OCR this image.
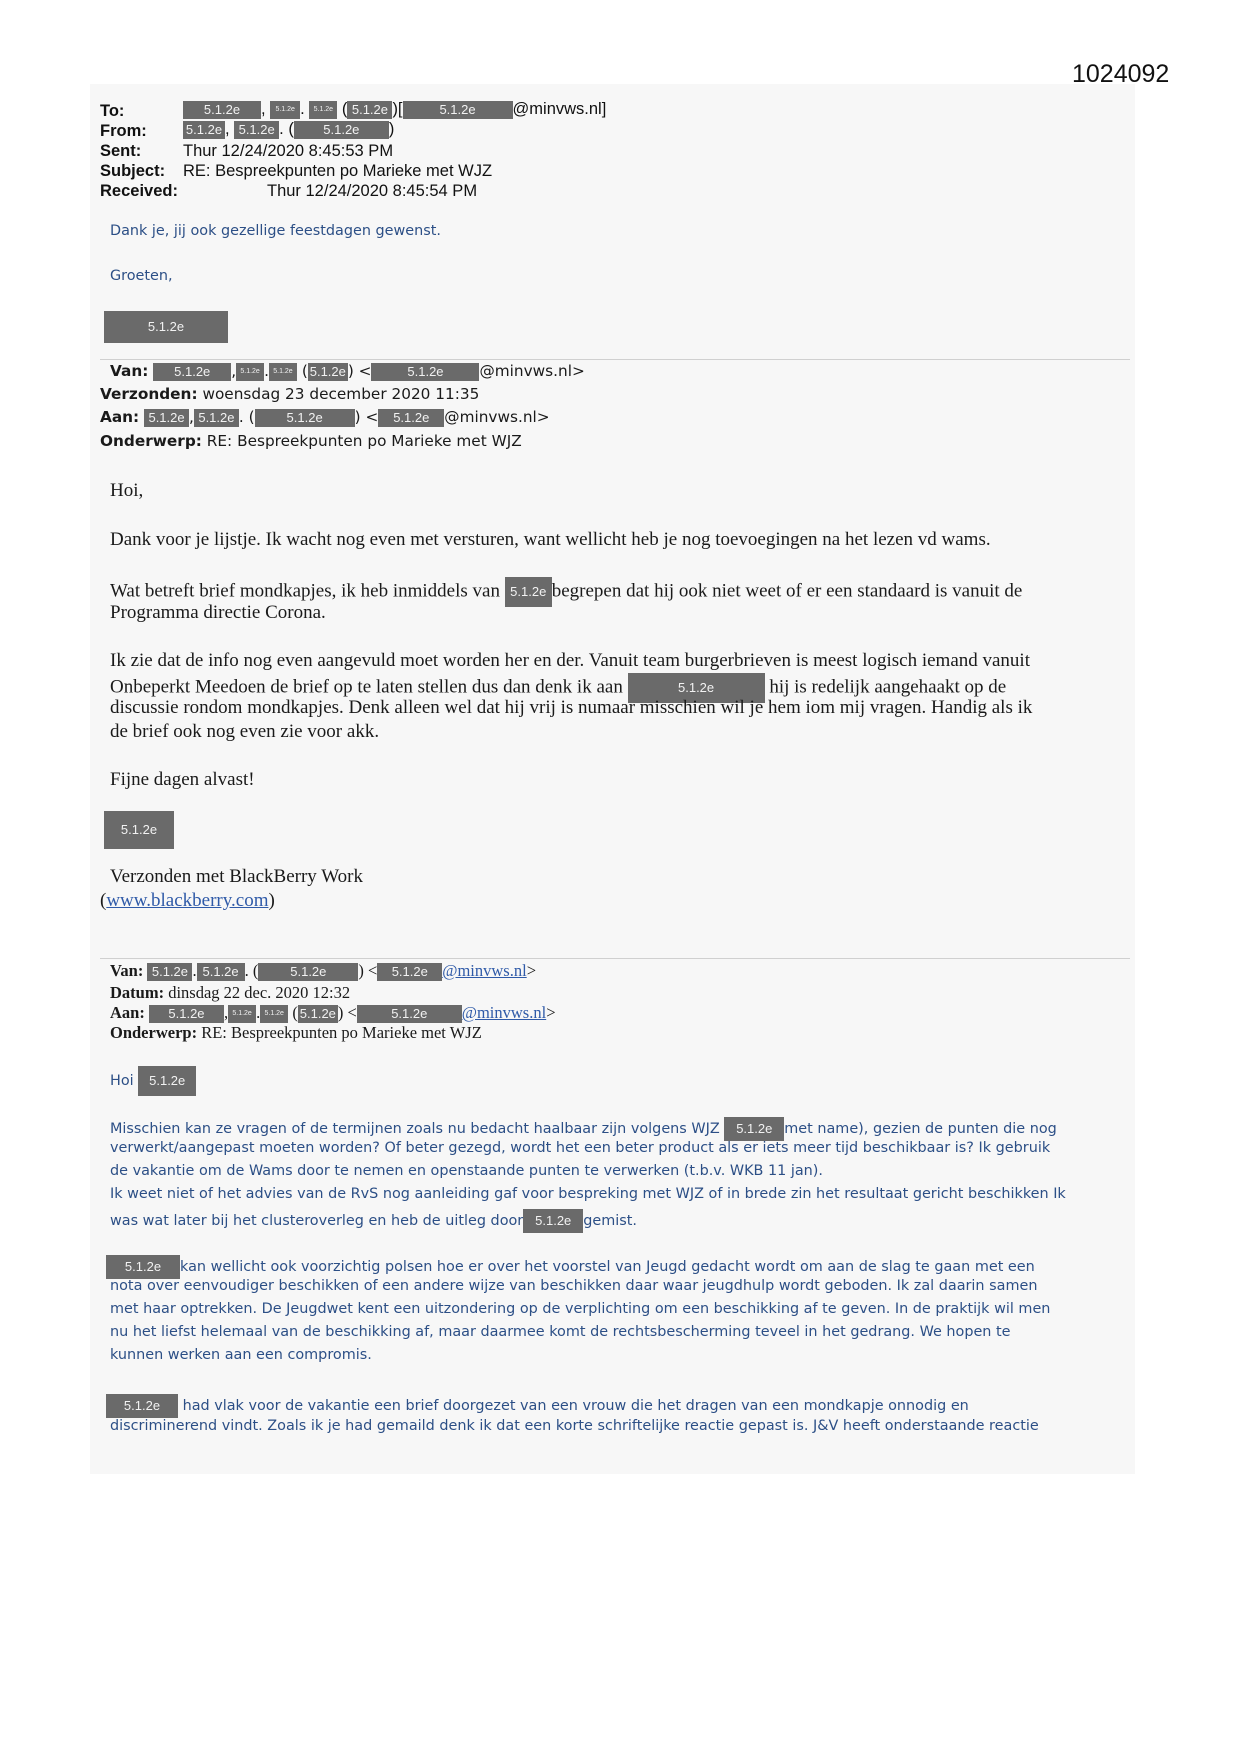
1024092
To:	5.1.2e , 5.1.2e . 5.1.2e ( 5.1.2e )[	5.1.2e @minvws.nl]
From:	5.1.2e , 5.1.2e . ( 5.1.2e )
Sent:	Thur 12/24/2020 8:45:53 PM
Subject: RE: Bespreekpunten po Marieke met WJZ
Received:	Thur 12/24/2020 8:45:54 PM
Dank je, jij ook gezellige feestdagen gewenst.
Groeten,
5.1.2e
Van: 5.1.2e , 5.1.2e . 5.1.2e ( 5.1.2e ) <	5.1.2e @minvws.nl>
Verzonden: woensdag 23 december 2020 11:35
Aan: 5.1.2e , 5.1.2e . ( 5.1.2e ) < 5.1.2e @minvws.nl>
Onderwerp: RE: Bespreekpunten po Marieke met WJZ
Hoi,
Dank voor je lijstje. Ik wacht nog even met versturen, want wellicht heb je nog toevoegingen na het lezen vd wams.
Wat betreft brief mondkapjes, ik heb inmiddels van 5.1.2e begrepen dat hij ook niet weet of er een standaard is vanuit de
Programma directie Corona.
Ik zie dat de info nog even aangevuld moet worden her en der. Vanuit team burgerbrieven is meest logisch iemand vanuit
Onbeperkt Meedoen de brief op te laten stellen dus dan denk ik aan	5.1.2e	hij is redelijk aangehaakt op de
discussie rondom mondkapjes. Denk alleen wel dat hij vrij is numaar misschien wil je hem iom mij vragen. Handig als ik
de brief ook nog even zie voor akk.
Fijne dagen alvast!
5.1.2e
Verzonden met BlackBerry Work
(www.blackberry.com)
Van: 5.1.2e . 5.1.2e . ( 5.1.2e ) < 5.1.2e @minvws.nl>
Datum: dinsdag 22 dec. 2020 12:32
Aan: 5.1.2e , 5.1.2e . 5.1.2e ( 5.1.2e ) <	5.1.2e @minvws.nl>
Onderwerp: RE: Bespreekpunten po Marieke met WJZ
Hoi 5.1.2e
Misschien kan ze vragen of de termijnen zoals nu bedacht haalbaar zijn volgens WJZ 5.1.2e met name), gezien de punten die nog
verwerkt/aangepast moeten worden? Of beter gezegd, wordt het een beter product als er iets meer tijd beschikbaar is? Ik gebruik
de vakantie om de Wams door te nemen en openstaande punten te verwerken (t.b.v. WKB 11 jan).
Ik weet niet of het advies van de RvS nog aanleiding gaf voor bespreking met WJZ of in brede zin het resultaat gericht beschikken Ik
was wat later bij het clusteroverleg en heb de uitleg door 5.1.2e gemist.
5.1.2e kan wellicht ook voorzichtig polsen hoe er over het voorstel van Jeugd gedacht wordt om aan de slag te gaan met een
nota over eenvoudiger beschikken of een andere wijze van beschikken daar waar jeugdhulp wordt geboden. Ik zal daarin samen
met haar optrekken. De Jeugdwet kent een uitzondering op de verplichting om een beschikking af te geven. In de praktijk wil men
nu het liefst helemaal van de beschikking af, maar daarmee komt de rechtsbescherming teveel in het gedrang. We hopen te
kunnen werken aan een compromis.
5.1.2e had vlak voor de vakantie een brief doorgezet van een vrouw die het dragen van een mondkapje onnodig en
discriminerend vindt. Zoals ik je had gemaild denk ik dat een korte schriftelijke reactie gepast is. J&V heeft onderstaande reactie
